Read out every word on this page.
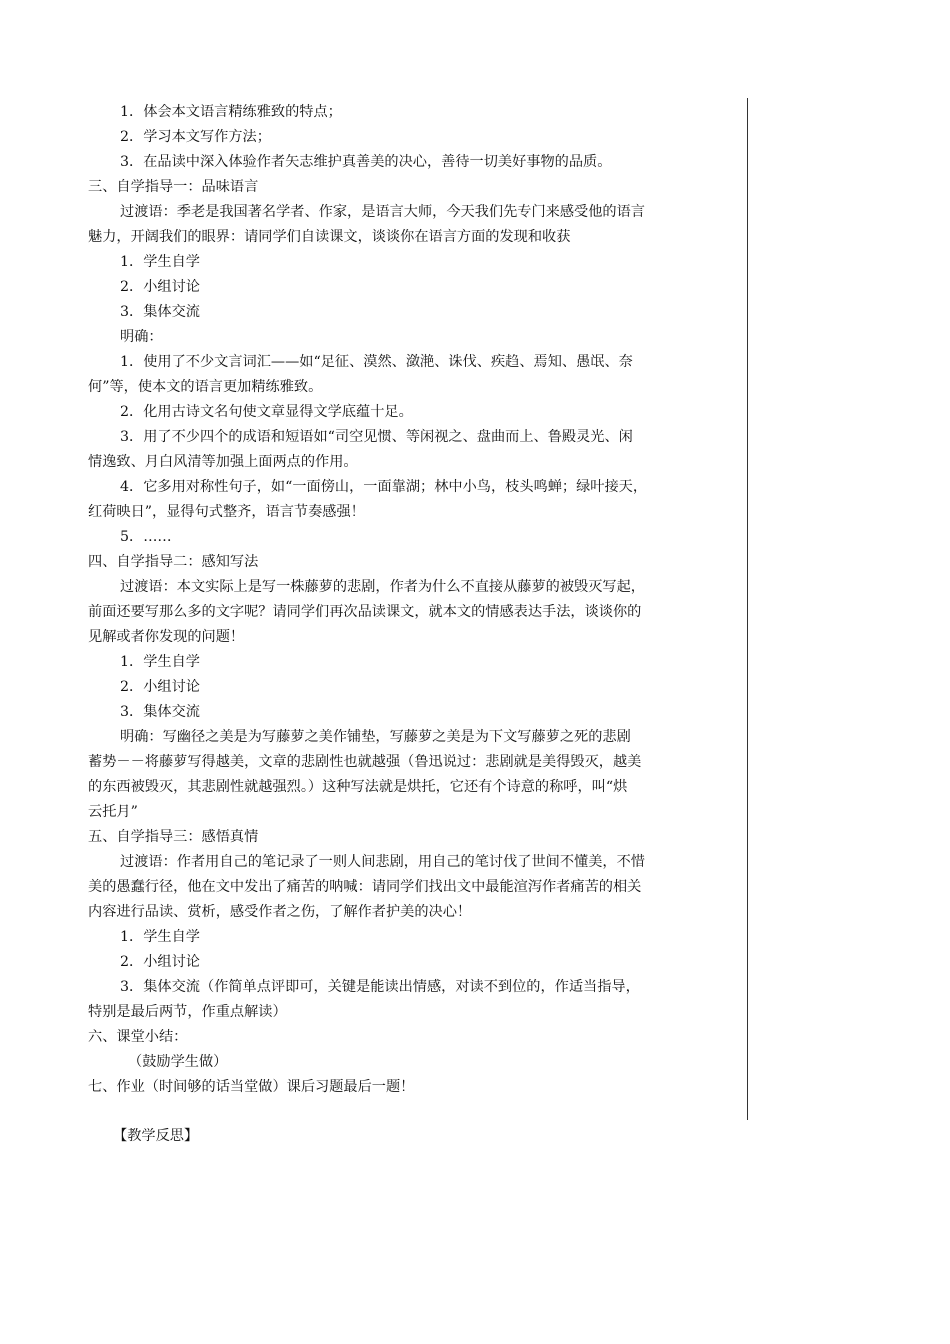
1．体会本文语言精练雅致的特点；
2．学习本文写作方法；
3．在品读中深入体验作者矢志维护真善美的决心，善待一切美好事物的品质。
三、自学指导一：品味语言
过渡语：季老是我国著名学者、作家，是语言大师，今天我们先专门来感受他的语言
魅力，开阔我们的眼界：请同学们自读课文，谈谈你在语言方面的发现和收获
1．学生自学
2．小组讨论
3．集体交流
明确：
1．使用了不少文言词汇——如“足征、漠然、潋滟、诛伐、疾趋、焉知、愚氓、奈
何”等，使本文的语言更加精练雅致。
2．化用古诗文名句使文章显得文学底蕴十足。
3．用了不少四个的成语和短语如“司空见惯、等闲视之、盘曲而上、鲁殿灵光、闲
情逸致、月白风清等加强上面两点的作用。
4．它多用对称性句子，如“一面傍山，一面靠湖；林中小鸟，枝头鸣蝉；绿叶接天，
红荷映日”，显得句式整齐，语言节奏感强！
5．……
四、自学指导二：感知写法
过渡语：本文实际上是写一株藤萝的悲剧，作者为什么不直接从藤萝的被毁灭写起，
前面还要写那么多的文字呢？请同学们再次品读课文，就本文的情感表达手法，谈谈你的
见解或者你发现的问题！
1．学生自学
2．小组讨论
3．集体交流
明确：写幽径之美是为写藤萝之美作铺垫，写藤萝之美是为下文写藤萝之死的悲剧
蓄势－－将藤萝写得越美，文章的悲剧性也就越强（鲁迅说过：悲剧就是美得毁灭，越美
的东西被毁灭，其悲剧性就越强烈。）这种写法就是烘托，它还有个诗意的称呼，叫“烘
云托月”
五、自学指导三：感悟真情
过渡语：作者用自己的笔记录了一则人间悲剧，用自己的笔讨伐了世间不懂美，不惜
美的愚蠢行径，他在文中发出了痛苦的呐喊：请同学们找出文中最能渲泻作者痛苦的相关
内容进行品读、赏析，感受作者之伤，了解作者护美的决心！
1．学生自学
2．小组讨论
3．集体交流（作简单点评即可，关键是能读出情感，对读不到位的，作适当指导，
特别是最后两节，作重点解读）
六、课堂小结：
（鼓励学生做）
七、作业（时间够的话当堂做）课后习题最后一题！
【教学反思】
